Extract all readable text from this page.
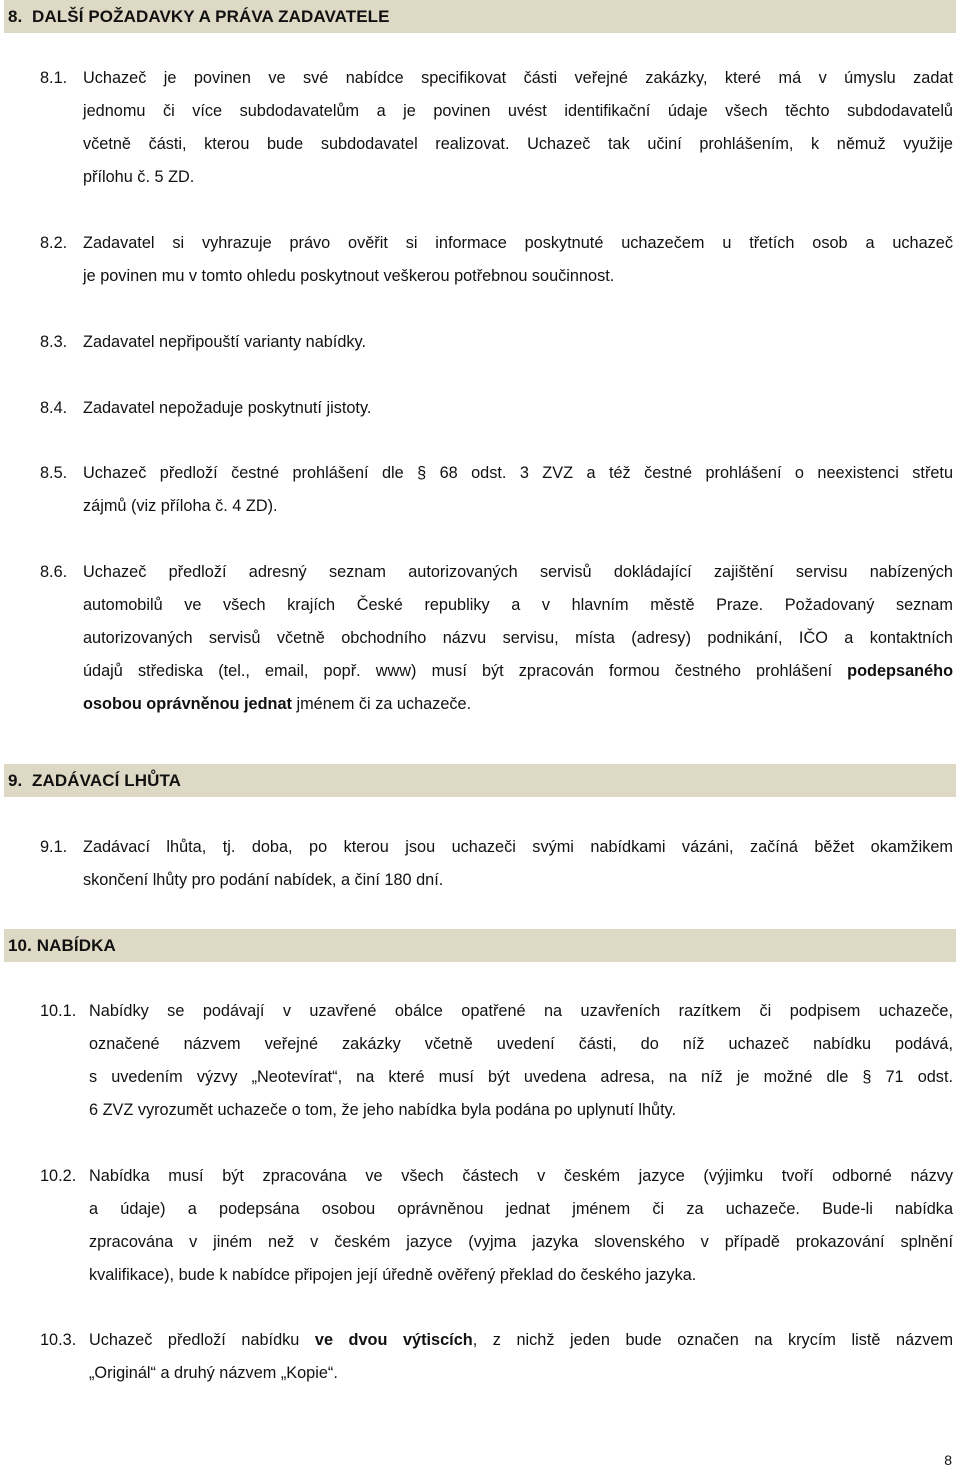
8.  DALŠÍ POŽADAVKY A PRÁVA ZADAVATELE
8.1. Uchazeč je povinen ve své nabídce specifikovat části veřejné zakázky, které má v úmyslu zadat
jednomu či více subdodavatelům a je povinen uvést identifikační údaje všech těchto subdodavatelů
včetně části, kterou bude subdodavatel realizovat. Uchazeč tak učiní prohlášením, k němuž využije
přílohu č. 5 ZD.
8.2. Zadavatel si vyhrazuje právo ověřit si informace poskytnuté uchazečem u třetích osob a uchazeč
je povinen mu v tomto ohledu poskytnout veškerou potřebnou součinnost.
8.3. Zadavatel nepřipouští varianty nabídky.
8.4. Zadavatel nepožaduje poskytnutí jistoty.
8.5. Uchazeč předloží čestné prohlášení dle § 68 odst. 3 ZVZ a též čestné prohlášení o neexistenci střetu
zájmů (viz příloha č. 4 ZD).
8.6. Uchazeč předloží adresný seznam autorizovaných servisů dokládající zajištění servisu nabízených
automobilů ve všech krajích České republiky a v hlavním městě Praze. Požadovaný seznam
autorizovaných servisů včetně obchodního názvu servisu, místa (adresy) podnikání, IČO a kontaktních
údajů střediska (tel., email, popř. www) musí být zpracován formou čestného prohlášení podepsaného
osobou oprávněnou jednat jménem či za uchazeče.
9.  ZADÁVACÍ LHŮTA
9.1. Zadávací lhůta, tj. doba, po kterou jsou uchazeči svými nabídkami vázáni, začíná běžet okamžikem
skončení lhůty pro podání nabídek, a činí 180 dní.
10. NABÍDKA
10.1. Nabídky se podávají v uzavřené obálce opatřené na uzavřeních razítkem či podpisem uchazeče,
označené názvem veřejné zakázky včetně uvedení části, do níž uchazeč nabídku podává,
s uvedením výzvy „Neotevírat“, na které musí být uvedena adresa, na níž je možné dle § 71 odst.
6 ZVZ vyrozumět uchazeče o tom, že jeho nabídka byla podána po uplynutí lhůty.
10.2. Nabídka musí být zpracována ve všech částech v českém jazyce (výjimku tvoří odborné názvy
a údaje) a podepsána osobou oprávněnou jednat jménem či za uchazeče. Bude-li nabídka
zpracována v jiném než v českém jazyce (vyjma jazyka slovenského v případě prokazování splnění
kvalifikace), bude k nabídce připojen její úředně ověřený překlad do českého jazyka.
10.3. Uchazeč předloží nabídku ve dvou výtiscích, z nichž jeden bude označen na krycím listě názvem
„Originál“ a druhý názvem „Kopie“.
8
